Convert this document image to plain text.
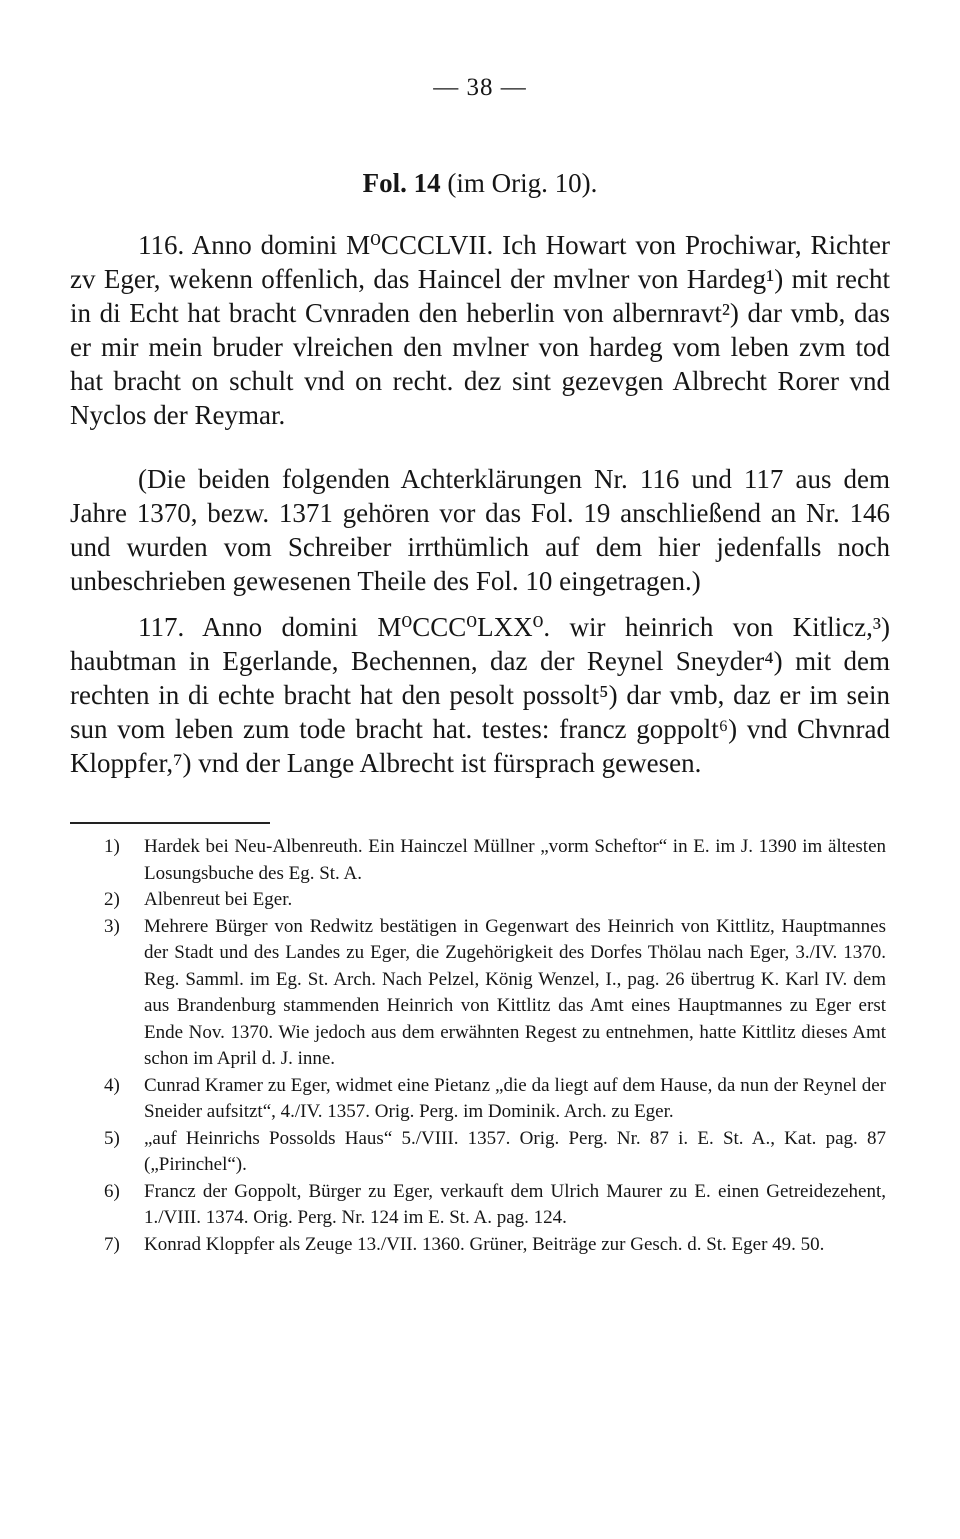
— 38 —
Fol. 14 (im Orig. 10).

116. Anno domini M⁰CCCLVII. Ich Howart von Prochiwar, Richter zv Eger, wekenn offenlich, das Haincel der mvlner von Hardeg¹) mit recht in di Echt hat bracht Cvnraden den heberlin von albernravt²) dar vmb, das er mir mein bruder vlreichen den mvlner von hardeg vom leben zvm tod hat bracht on schult vnd on recht. dez sint gezevgen Albrecht Rorer vnd Nyclos der Reymar.

(Die beiden folgenden Achterklärungen Nr. 116 und 117 aus dem Jahre 1370, bezw. 1371 gehören vor das Fol. 19 anschließend an Nr. 146 und wurden vom Schreiber irrthümlich auf dem hier jedenfalls noch unbeschrieben gewesenen Theile des Fol. 10 eingetragen.)

117. Anno domini M⁰CCC⁰LXX⁰. wir heinrich von Kitlicz,³) haubtman in Egerlande, Bechennen, daz der Reynel Sneyder⁴) mit dem rechten in di echte bracht hat den pesolt possolt⁵) dar vmb, daz er im sein sun vom leben zum tode bracht hat. testes: francz goppolt⁶) vnd Chvnrad Kloppfer,⁷) vnd der Lange Albrecht ist fürsprach gewesen.

1) Hardek bei Neu-Albenreuth. Ein Hainczel Müllner „vorm Scheftor“ in E. im J. 1390 im ältesten Losungsbuche des Eg. St. A.
2) Albenreut bei Eger.
3) Mehrere Bürger von Redwitz bestätigen in Gegenwart des Heinrich von Kittlitz, Hauptmannes der Stadt und des Landes zu Eger, die Zugehörigkeit des Dorfes Thölau nach Eger, 3./IV. 1370. Reg. Samml. im Eg. St. Arch. Nach Pelzel, König Wenzel, I., pag. 26 übertrug K. Karl IV. dem aus Brandenburg stammenden Heinrich von Kittlitz das Amt eines Hauptmannes zu Eger erst Ende Nov. 1370. Wie jedoch aus dem erwähnten Regest zu entnehmen, hatte Kittlitz dieses Amt schon im April d. J. inne.
4) Cunrad Kramer zu Eger, widmet eine Pietanz „die da liegt auf dem Hause, da nun der Reynel der Sneider aufsitzt“, 4./IV. 1357. Orig. Perg. im Dominik. Arch. zu Eger.
5) „auf Heinrichs Possolds Haus“ 5./VIII. 1357. Orig. Perg. Nr. 87 i. E. St. A., Kat. pag. 87 („Pirinchel“).
6) Francz der Goppolt, Bürger zu Eger, verkauft dem Ulrich Maurer zu E. einen Getreidezehent, 1./VIII. 1374. Orig. Perg. Nr. 124 im E. St. A. pag. 124.
7) Konrad Kloppfer als Zeuge 13./VII. 1360. Grüner, Beiträge zur Gesch. d. St. Eger 49. 50.
